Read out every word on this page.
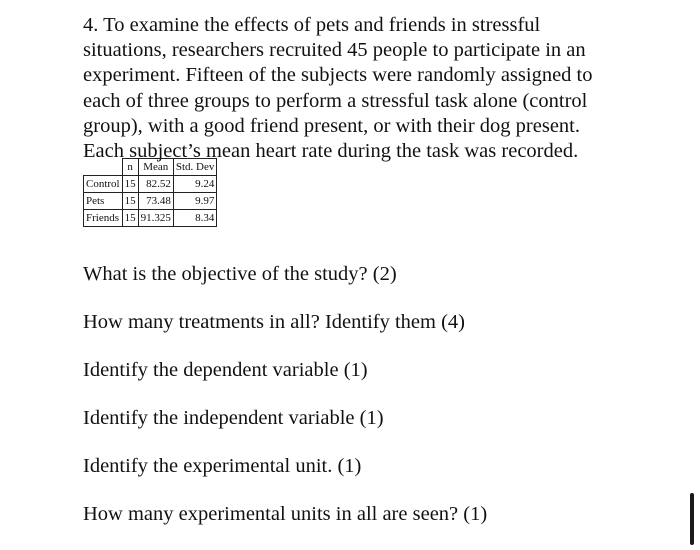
4. To examine the effects of pets and friends in stressful

situations, researchers recruited 45 people to participate in an

experiment. Fifteen of the subjects were randomly assigned to

each of three groups to perform a stressful task alone (control

group), with a good friend present, or with their dog present.

Each subject’s mean heart rate during the task was recorded.

	n	Mean	Std. Dev
Control	15	82.52	9.24
Pets	15	73.48	9.97
Friends	15	91.325	8.34
What is the objective of the study? (2)
How many treatments in all? Identify them (4)
Identify the dependent variable (1)
Identify the independent variable (1)
Identify the experimental unit. (1)
How many experimental units in all are seen? (1)
